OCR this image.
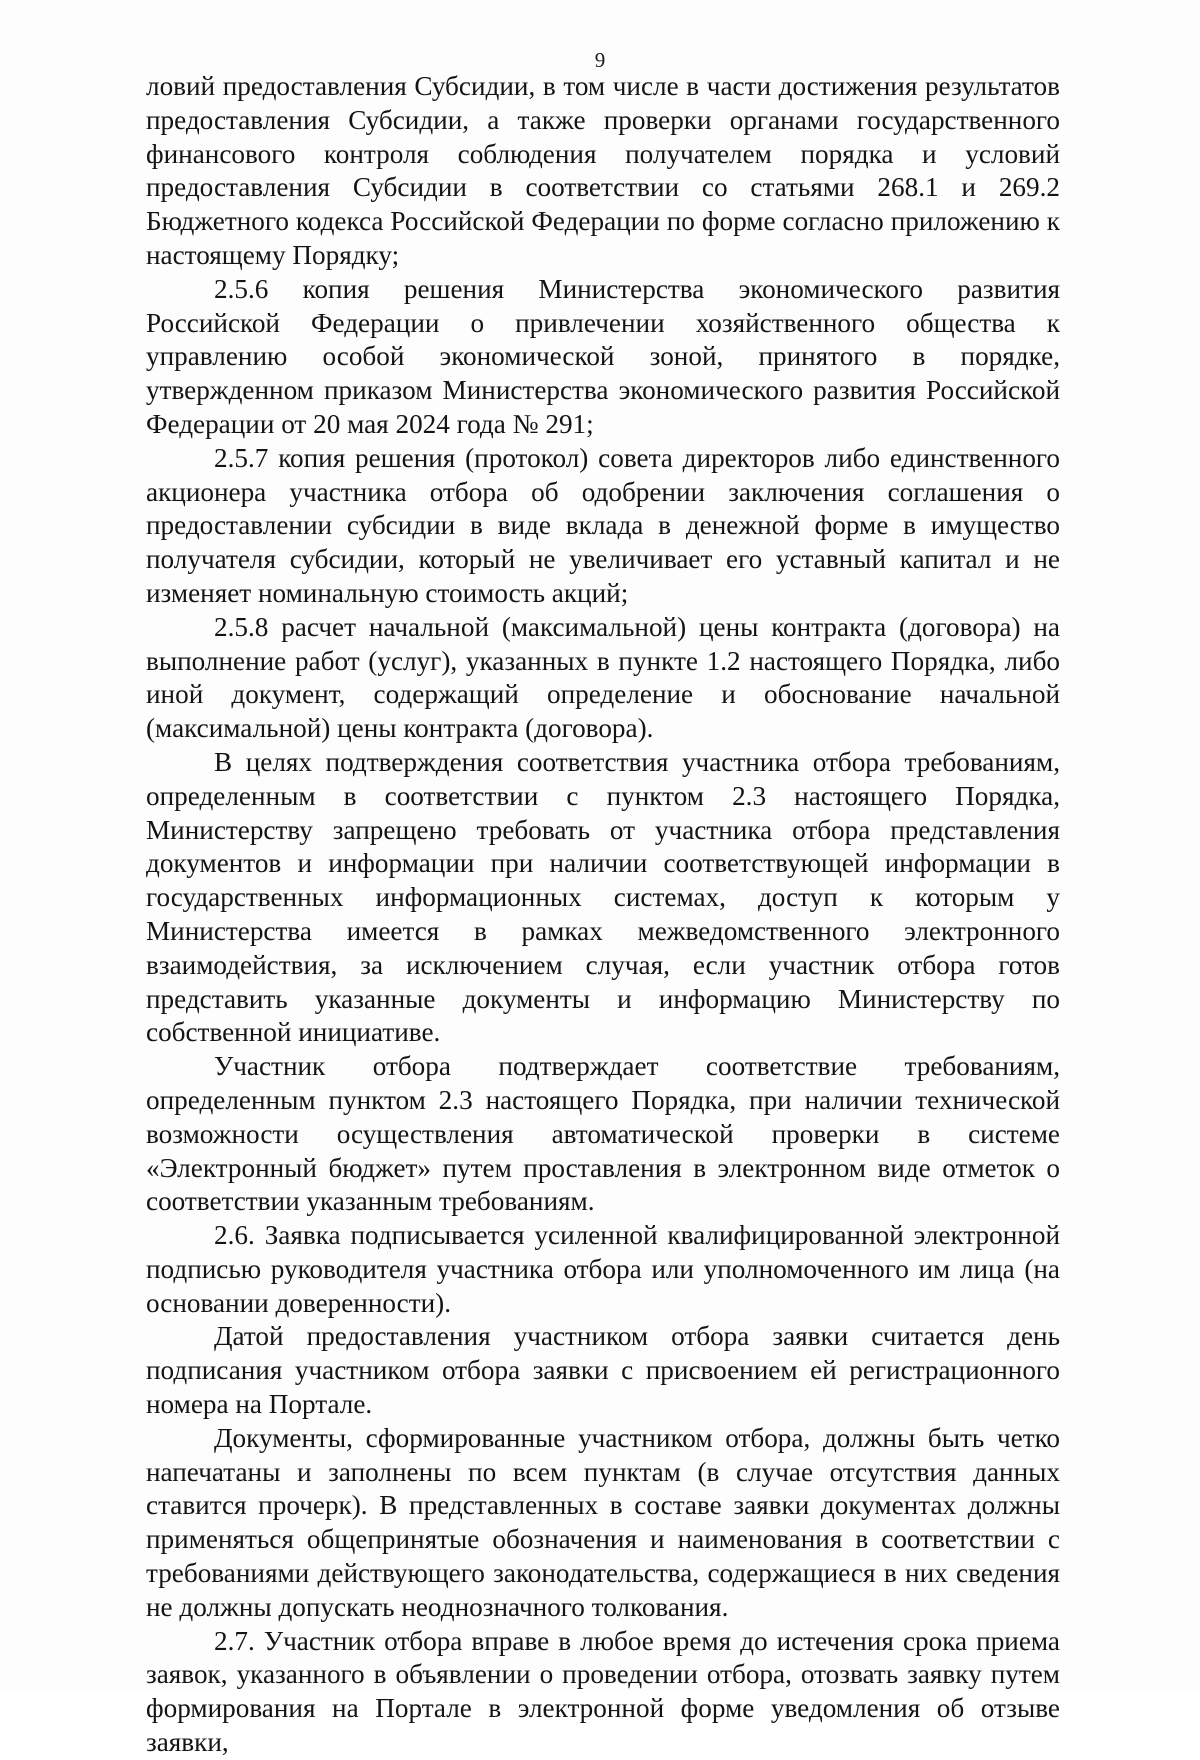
9

ловий предоставления Субсидии, в том числе в части достижения результатов предоставления Субсидии, а также проверки органами государственного финансового контроля соблюдения получателем порядка и условий предоставления Субсидии в соответствии со статьями 268.1 и 269.2 Бюджетного кодекса Российской Федерации по форме согласно приложению к настоящему Порядку;

2.5.6 копия решения Министерства экономического развития Российской Федерации о привлечении хозяйственного общества к управлению особой экономической зоной, принятого в порядке, утвержденном приказом Министерства экономического развития Российской Федерации от 20 мая 2024 года № 291;

2.5.7 копия решения (протокол) совета директоров либо единственного акционера участника отбора об одобрении заключения соглашения о предоставлении субсидии в виде вклада в денежной форме в имущество получателя субсидии, который не увеличивает его уставный капитал и не изменяет номинальную стоимость акций;

2.5.8 расчет начальной (максимальной) цены контракта (договора) на выполнение работ (услуг), указанных в пункте 1.2 настоящего Порядка, либо иной документ, содержащий определение и обоснование начальной (максимальной) цены контракта (договора).

В целях подтверждения соответствия участника отбора требованиям, определенным в соответствии с пунктом 2.3 настоящего Порядка, Министерству запрещено требовать от участника отбора представления документов и информации при наличии соответствующей информации в государственных информационных системах, доступ к которым у Министерства имеется в рамках межведомственного электронного взаимодействия, за исключением случая, если участник отбора готов представить указанные документы и информацию Министерству по собственной инициативе.

Участник отбора подтверждает соответствие требованиям, определенным пунктом 2.3 настоящего Порядка, при наличии технической возможности осуществления автоматической проверки в системе «Электронный бюджет» путем проставления в электронном виде отметок о соответствии указанным требованиям.

2.6. Заявка подписывается усиленной квалифицированной электронной подписью руководителя участника отбора или уполномоченного им лица (на основании доверенности).

Датой предоставления участником отбора заявки считается день подписания участником отбора заявки с присвоением ей регистрационного номера на Портале.

Документы, сформированные участником отбора, должны быть четко напечатаны и заполнены по всем пунктам (в случае отсутствия данных ставится прочерк). В представленных в составе заявки документах должны применяться общепринятые обозначения и наименования в соответствии с требованиями действующего законодательства, содержащиеся в них сведения не должны допускать неоднозначного толкования.

2.7. Участник отбора вправе в любое время до истечения срока приема заявок, указанного в объявлении о проведении отбора, отозвать заявку путем формирования на Портале в электронной форме уведомления об отзыве заявки,
